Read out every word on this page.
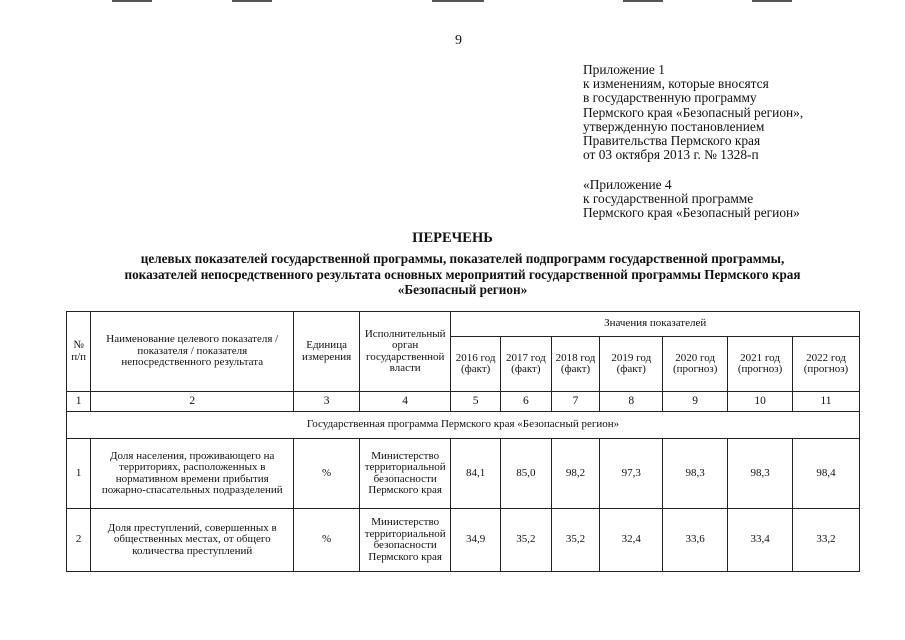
9
Приложение 1
к изменениям, которые вносятся
в государственную программу
Пермского края «Безопасный регион»,
утвержденную постановлением
Правительства Пермского края
от 03 октября 2013 г. № 1328-п
«Приложение 4
к государственной программе
Пермского края «Безопасный регион»
ПЕРЕЧЕНЬ
целевых показателей государственной программы, показателей подпрограмм государственной программы,
показателей непосредственного результата основных мероприятий государственной программы Пермского края
«Безопасный регион»
№ п/п	Наименование целевого показателя / показателя / показателя непосредственного результата	Единица измерения	Исполнительный орган государственной власти	Значения показателей						
				2016 год (факт)	2017 год (факт)	2018 год (факт)	2019 год (факт)	2020 год (прогноз)	2021 год (прогноз)	2022 год (прогноз)
1	2	3	4	5	6	7	8	9	10	11
Государственная программа Пермского края «Безопасный регион»										
1	Доля населения, проживающего на территориях, расположенных в нормативном времени прибытия пожарно-спасательных подразделений	%	Министерство территориальной безопасности Пермского края	84,1	85,0	98,2	97,3	98,3	98,3	98,4
2	Доля преступлений, совершенных в общественных местах, от общего количества преступлений	%	Министерство территориальной безопасности Пермского края	34,9	35,2	35,2	32,4	33,6	33,4	33,2
